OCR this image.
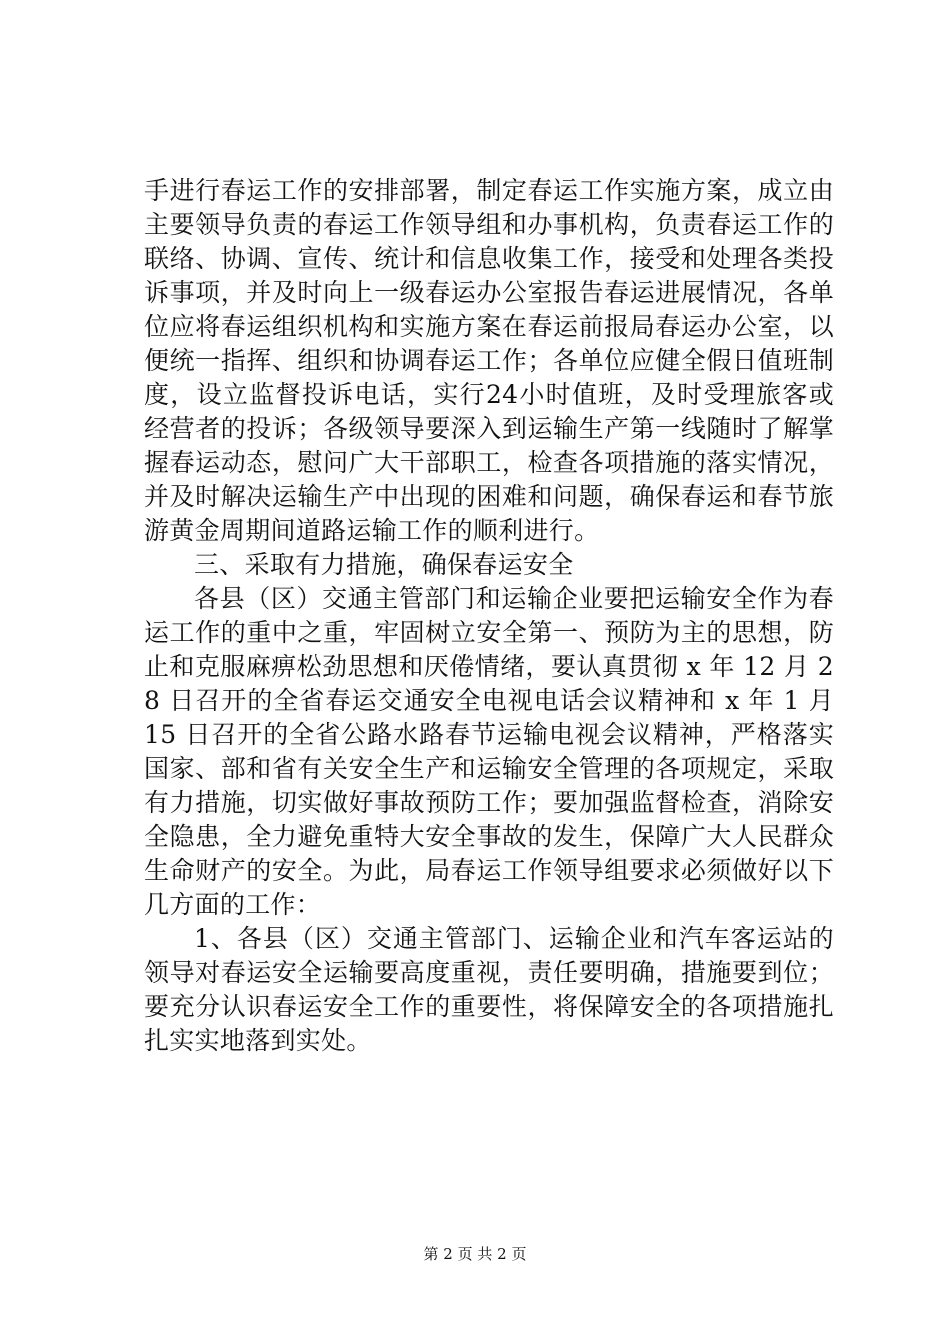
手进行春运工作的安排部署，制定春运工作实施方案，成立由主要领导负责的春运工作领导组和办事机构，负责春运工作的联络、协调、宣传、统计和信息收集工作，接受和处理各类投诉事项，并及时向上一级春运办公室报告春运进展情况，各单位应将春运组织机构和实施方案在春运前报局春运办公室，以便统一指挥、组织和协调春运工作；各单位应健全假日值班制度，设立监督投诉电话，实行24小时值班，及时受理旅客或经营者的投诉；各级领导要深入到运输生产第一线随时了解掌握春运动态，慰问广大干部职工，检查各项措施的落实情况，并及时解决运输生产中出现的困难和问题，确保春运和春节旅游黄金周期间道路运输工作的顺利进行。

三、采取有力措施，确保春运安全

各县（区）交通主管部门和运输企业要把运输安全作为春运工作的重中之重，牢固树立安全第一、预防为主的思想，防止和克服麻痹松劲思想和厌倦情绪，要认真贯彻 x 年 12 月 28 日召开的全省春运交通安全电视电话会议精神和 x 年 1 月 15 日召开的全省公路水路春节运输电视会议精神，严格落实国家、部和省有关安全生产和运输安全管理的各项规定，采取有力措施，切实做好事故预防工作；要加强监督检查，消除安全隐患，全力避免重特大安全事故的发生，保障广大人民群众生命财产的安全。为此，局春运工作领导组要求必须做好以下几方面的工作：

1、各县（区）交通主管部门、运输企业和汽车客运站的领导对春运安全运输要高度重视，责任要明确，措施要到位；要充分认识春运安全工作的重要性，将保障安全的各项措施扎扎实实地落到实处。

第 2 页 共 2 页
